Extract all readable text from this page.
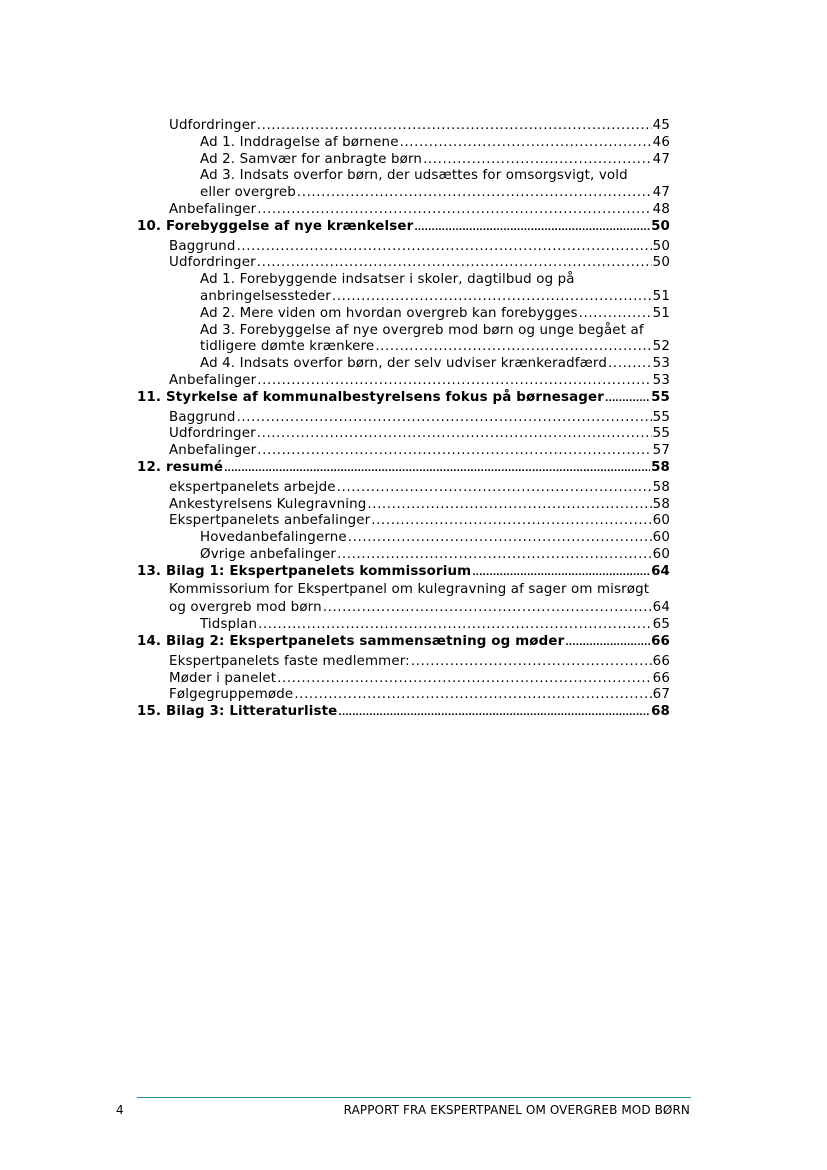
Udfordringer .....	45
Ad 1. Inddragelse af børnene .....	46
Ad 2. Samvær for anbragte børn .....	47
Ad 3. Indsats overfor børn, der udsættes for omsorgsvigt, vold
eller overgreb .....	47
Anbefalinger .....	48
10. Forebyggelse af nye krænkelser .....	50
Baggrund .....	50
Udfordringer .....	50
Ad 1. Forebyggende indsatser i skoler, dagtilbud og på
anbringelsessteder .....	51
Ad 2. Mere viden om hvordan overgreb kan forebygges .....	51
Ad 3. Forebyggelse af nye overgreb mod børn og unge begået af
tidligere dømte krænkere .....	52
Ad 4. Indsats overfor børn, der selv udviser krænkeradfærd .....	53
Anbefalinger .....	53
11. Styrkelse af kommunalbestyrelsens fokus på børnesager .....	55
Baggrund .....	55
Udfordringer .....	55
Anbefalinger .....	57
12. resumé .....	58
ekspertpanelets arbejde .....	58
Ankestyrelsens Kulegravning .....	58
Ekspertpanelets anbefalinger .....	60
Hovedanbefalingerne .....	60
Øvrige anbefalinger .....	60
13. Bilag 1: Ekspertpanelets kommissorium .....	64
Kommissorium for Ekspertpanel om kulegravning af sager om misrøgt
og overgreb mod børn .....	64
Tidsplan .....	65
14. Bilag 2: Ekspertpanelets sammensætning og møder .....	66
Ekspertpanelets faste medlemmer: .....	66
Møder i panelet .....	66
Følgegruppemøde .....	67
15. Bilag 3: Litteraturliste .....	68
4	RAPPORT FRA EKSPERTPANEL OM OVERGREB MOD BØRN
